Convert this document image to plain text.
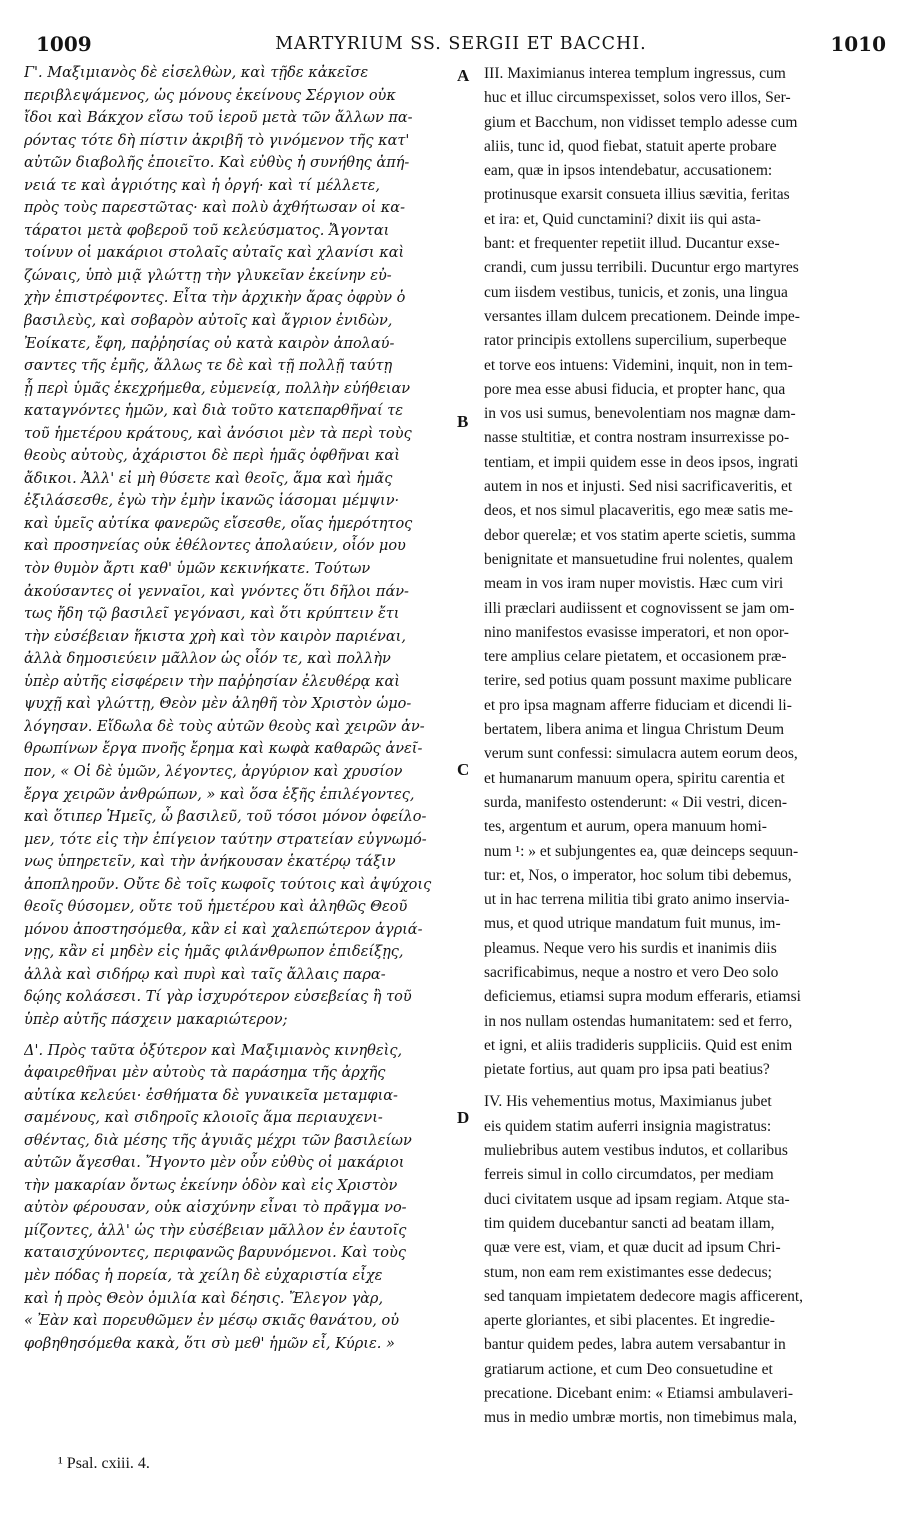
1009	MARTYRIUM SS. SERGII ET BACCHI.	1010
Γ'. Μαξιμιανὸς δὲ εἰσελθὼν, καὶ τῇδε κἀκεῖσε
περιβλεψάμενος, ὡς μόνους ἐκείνους Σέργιον οὐκ
ἴδοι καὶ Βάκχον εἴσω τοῦ ἱεροῦ μετὰ τῶν ἄλλων πα-
ρόντας τότε δὴ πίστιν ἀκριβῆ τὸ γινόμενον τῆς κατ'
αὐτῶν διαβολῆς ἐποιεῖτο. Καὶ εὐθὺς ἡ συνήθης ἀπή-
νειά τε καὶ ἀγριότης καὶ ἡ ὀργή· καὶ τί μέλλετε,
πρὸς τοὺς παρεστῶτας· καὶ πολὺ ἀχθήτωσαν οἱ κα-
τάρατοι μετὰ φοβεροῦ τοῦ κελεύσματος. Ἄγονται
τοίνυν οἱ μακάριοι στολαῖς αὐταῖς καὶ χλανίσι καὶ
ζώναις, ὑπὸ μιᾷ γλώττῃ τὴν γλυκεῖαν ἐκείνην εὐ-
χὴν ἐπιστρέφοντες. Εἶτα τὴν ἀρχικὴν ἄρας ὀφρὺν ὁ
βασιλεὺς, καὶ σοβαρὸν αὐτοῖς καὶ ἄγριον ἐνιδὼν,
Ἐοίκατε, ἔφη, παῤῥησίας οὐ κατὰ καιρὸν ἀπολαύ-
σαντες τῆς ἐμῆς, ἄλλως τε δὲ καὶ τῇ πολλῇ ταύτῃ
ᾗ περὶ ὑμᾶς ἐκεχρήμεθα, εὐμενείᾳ, πολλὴν εὐήθειαν
καταγνόντες ἡμῶν, καὶ διὰ τοῦτο κατεπαρθῆναί τε
τοῦ ἡμετέρου κράτους, καὶ ἀνόσιοι μὲν τὰ περὶ τοὺς
θεοὺς αὐτοὺς, ἀχάριστοι δὲ περὶ ἡμᾶς ὀφθῆναι καὶ
ἄδικοι. Ἀλλ' εἰ μὴ θύσετε καὶ θεοῖς, ἅμα καὶ ἡμᾶς
ἐξιλάσεσθε, ἐγὼ τὴν ἐμὴν ἱκανῶς ἰάσομαι μέμψιν·
καὶ ὑμεῖς αὐτίκα φανερῶς εἴσεσθε, οἵας ἡμερότητος
καὶ προσηνείας οὐκ ἐθέλοντες ἀπολαύειν, οἷόν μου
τὸν θυμὸν ἄρτι καθ' ὑμῶν κεκινήκατε. Τούτων
ἀκούσαντες οἱ γενναῖοι, καὶ γνόντες ὅτι δῆλοι πάν-
τως ἤδη τῷ βασιλεῖ γεγόνασι, καὶ ὅτι κρύπτειν ἔτι
τὴν εὐσέβειαν ἥκιστα χρὴ καὶ τὸν καιρὸν παριέναι,
ἀλλὰ δημοσιεύειν μᾶλλον ὡς οἷόν τε, καὶ πολλὴν
ὑπὲρ αὐτῆς εἰσφέρειν τὴν παῤῥησίαν ἐλευθέρᾳ καὶ
ψυχῇ καὶ γλώττῃ, Θεὸν μὲν ἀληθῆ τὸν Χριστὸν ὡμο-
λόγησαν. Εἴδωλα δὲ τοὺς αὐτῶν θεοὺς καὶ χειρῶν ἀν-
θρωπίνων ἔργα πνοῆς ἔρημα καὶ κωφὰ καθαρῶς ἀνεῖ-
πον, « Οἱ δὲ ὑμῶν, λέγοντες, ἀργύριον καὶ χρυσίον
ἔργα χειρῶν ἀνθρώπων, » καὶ ὅσα ἑξῆς ἐπιλέγοντες,
καὶ ὅτιπερ Ἡμεῖς, ὦ βασιλεῦ, τοῦ τόσοι μόνον ὀφείλο-
μεν, τότε εἰς τὴν ἐπίγειον ταύτην στρατείαν εὐγνωμό-
νως ὑπηρετεῖν, καὶ τὴν ἀνήκουσαν ἑκατέρῳ τάξιν
ἀποπληροῦν. Οὔτε δὲ τοῖς κωφοῖς τούτοις καὶ ἀψύχοις
θεοῖς θύσομεν, οὔτε τοῦ ἡμετέρου καὶ ἀληθῶς Θεοῦ
μόνου ἀποστησόμεθα, κἂν εἰ καὶ χαλεπώτερον ἀγριά-
νῃς, κἂν εἰ μηδὲν εἰς ἡμᾶς φιλάνθρωπον ἐπιδείξῃς,
ἀλλὰ καὶ σιδήρῳ καὶ πυρὶ καὶ ταῖς ἄλλαις παρα-
δῴης κολάσεσι. Τί γὰρ ἰσχυρότερον εὐσεβείας ἢ τοῦ
ὑπὲρ αὐτῆς πάσχειν μακαριώτερον;
Δ'. Πρὸς ταῦτα ὀξύτερον καὶ Μαξιμιανὸς κινηθεὶς,
ἀφαιρεθῆναι μὲν αὐτοὺς τὰ παράσημα τῆς ἀρχῆς
αὐτίκα κελεύει· ἐσθήματα δὲ γυναικεῖα μεταμφια-
σαμένους, καὶ σιδηροῖς κλοιοῖς ἅμα περιαυχενι-
σθέντας, διὰ μέσης τῆς ἀγυιᾶς μέχρι τῶν βασιλείων
αὐτῶν ἄγεσθαι. Ἤγοντο μὲν οὖν εὐθὺς οἱ μακάριοι
τὴν μακαρίαν ὄντως ἐκείνην ὁδὸν καὶ εἰς Χριστὸν
αὐτὸν φέρουσαν, οὐκ αἰσχύνην εἶναι τὸ πρᾶγμα νο-
μίζοντες, ἀλλ' ὡς τὴν εὐσέβειαν μᾶλλον ἐν ἑαυτοῖς
καταισχύνοντες, περιφανῶς βαρυνόμενοι. Καὶ τοὺς
μὲν πόδας ἡ πορεία, τὰ χείλη δὲ εὐχαριστία εἶχε
καὶ ἡ πρὸς Θεὸν ὁμιλία καὶ δέησις. Ἔλεγον γὰρ,
« Ἐὰν καὶ πορευθῶμεν ἐν μέσῳ σκιᾶς θανάτου, οὐ
φοβηθησόμεθα κακὰ, ὅτι σὺ μεθ' ἡμῶν εἶ, Κύριε. »
III. Maximianus interea templum ingressus, cum
huc et illuc circumspexisset, solos vero illos, Ser-
gium et Bacchum, non vidisset templo adesse cum
aliis, tunc id, quod fiebat, statuit aperte probare
eam, quæ in ipsos intendebatur, accusationem:
protinusque exarsit consueta illius sævitia, feritas
et ira: et, Quid cunctamini? dixit iis qui asta-
bant: et frequenter repetiit illud. Ducantur exse-
crandi, cum jussu terribili. Ducuntur ergo martyres
cum iisdem vestibus, tunicis, et zonis, una lingua
versantes illam dulcem precationem. Deinde impe-
rator principis extollens supercilium, superbeque
et torve eos intuens: Videmini, inquit, non in tem-
pore mea esse abusi fiducia, et propter hanc, qua
in vos usi sumus, benevolentiam nos magnæ dam-
nasse stultitiæ, et contra nostram insurrexisse po-
tentiam, et impii quidem esse in deos ipsos, ingrati
autem in nos et injusti. Sed nisi sacrificaveritis, et
deos, et nos simul placaveritis, ego meæ satis me-
debor querelæ; et vos statim aperte scietis, summa
benignitate et mansuetudine frui nolentes, qualem
meam in vos iram nuper movistis. Hæc cum viri
illi præclari audiissent et cognovissent se jam om-
nino manifestos evasisse imperatori, et non opor-
tere amplius celare pietatem, et occasionem præ-
terire, sed potius quam possunt maxime publicare
et pro ipsa magnam afferre fiduciam et dicendi li-
bertatem, libera anima et lingua Christum Deum
verum sunt confessi: simulacra autem eorum deos,
et humanarum manuum opera, spiritu carentia et
surda, manifesto ostenderunt: « Dii vestri, dicen-
tes, argentum et aurum, opera manuum homi-
num ¹: » et subjungentes ea, quæ deinceps sequun-
tur: et, Nos, o imperator, hoc solum tibi debemus,
ut in hac terrena militia tibi grato animo inservia-
mus, et quod utrique mandatum fuit munus, im-
pleamus. Neque vero his surdis et inanimis diis
sacrificabimus, neque a nostro et vero Deo solo
deficiemus, etiamsi supra modum efferaris, etiamsi
in nos nullam ostendas humanitatem: sed et ferro,
et igni, et aliis tradideris suppliciis. Quid est enim
pietate fortius, aut quam pro ipsa pati beatius?
IV. His vehementius motus, Maximianus jubet
eis quidem statim auferri insignia magistratus:
muliebribus autem vestibus indutos, et collaribus
ferreis simul in collo circumdatos, per mediam
duci civitatem usque ad ipsam regiam. Atque sta-
tim quidem ducebantur sancti ad beatam illam,
quæ vere est, viam, et quæ ducit ad ipsum Chri-
stum, non eam rem existimantes esse dedecus;
sed tanquam impietatem dedecore magis afficerent,
aperte gloriantes, et sibi placentes. Et ingredie-
bantur quidem pedes, labra autem versabantur in
gratiarum actione, et cum Deo consuetudine et
precatione. Dicebant enim: « Etiamsi ambulaveri-
mus in medio umbræ mortis, non timebimus mala,
A
B
C
D
¹ Psal. cxiii. 4.
